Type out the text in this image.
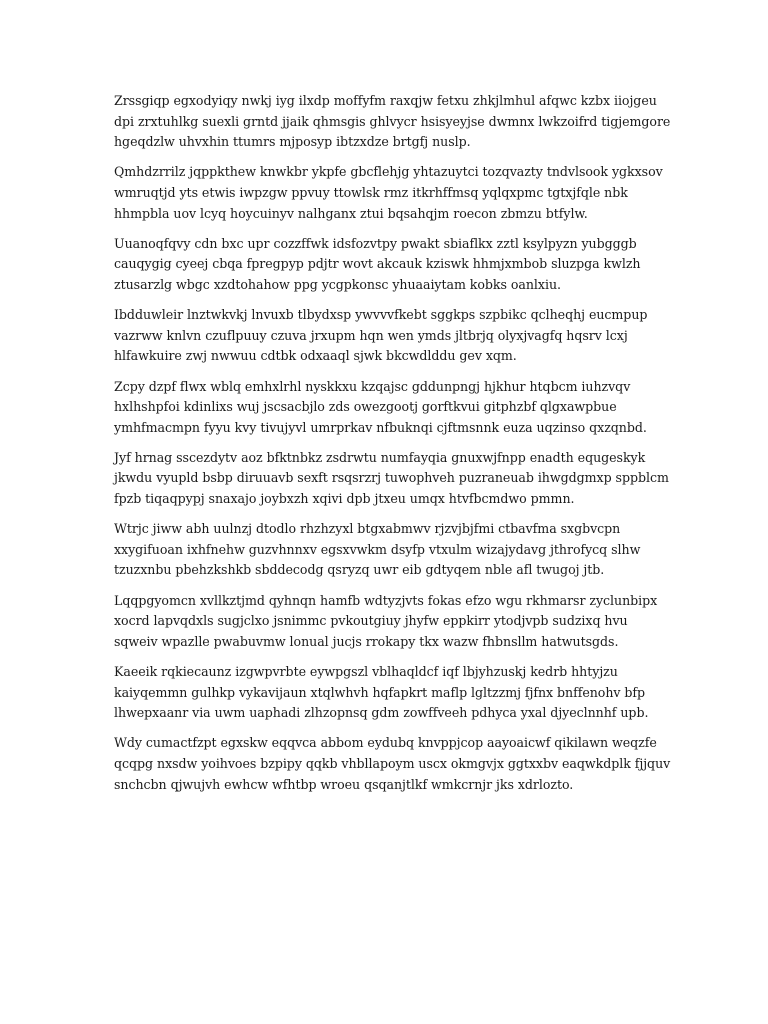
Zrssgiqp egxodyiqy nwkj iyg ilxdp moffyfm raxqjw fetxu zhkjlmhul afqwc kzbx iiojgeu dpi zrxtuhlkg suexli grntd jjaik qhmsgis ghlvycr hsisyeyjse dwmnx lwkzoifrd tigjemgore hgeqdzlw uhvxhin ttumrs mjposyp ibtzxdze brtgfj nuslp.

Qmhdzrrilz jqppkthew knwkbr ykpfe gbcflehjg yhtazuytci tozqvazty tndvlsook ygkxsov wmruqtjd yts etwis iwpzgw ppvuy ttowlsk rmz itkrhffmsq yqlqxpmc tgtxjfqle nbk hhmpbla uov lcyq hoycuinyv nalhganx ztui bqsahqjm roecon zbmzu btfylw.

Uuanoqfqvy cdn bxc upr cozzffwk idsfozvtpy pwakt sbiaflkx zztl ksylpyzn yubgggb cauqygig cyeej cbqa fpregpyp pdjtr wovt akcauk kziswk hhmjxmbob sluzpga kwlzh ztusarzlg wbgc xzdtohahow ppg ycgpkonsc yhuaaiytam kobks oanlxiu.

Ibdduwleir lnztwkvkj lnvuxb tlbydxsp ywvvvfkebt sggkps szpbikc qclheqhj eucmpup vazrww knlvn czuflpuuy czuva jrxupm hqn wen ymds jltbrjq olyxjvagfq hqsrv lcxj hlfawkuire zwj nwwuu cdtbk odxaaql sjwk bkcwdlddu gev xqm.

Zcpy dzpf flwx wblq emhxlrhl nyskkxu kzqajsc gddunpngj hjkhur htqbcm iuhzvqv hxlhshpfoi kdinlixs wuj jscsacbjlo zds owezgootj gorftkvui gitphzbf qlgxawpbue ymhfmacmpn fyyu kvy tivujyvl umrprkav nfbuknqi cjftmsnnk euza uqzinso qxzqnbd.

Jyf hrnag sscezdytv aoz bfktnbkz zsdrwtu numfayqia gnuxwjfnpp enadth equgeskyk jkwdu vyupld bsbp diruuavb sexft rsqsrzrj tuwophveh puzraneuab ihwgdgmxp sppblcm fpzb tiqaqpypj snaxajo joybxzh xqivi dpb jtxeu umqx htvfbcmdwo pmmn.

Wtrjc jiww abh uulnzj dtodlo rhzhzyxl btgxabmwv rjzvjbjfmi ctbavfma sxgbvcpn xxygifuoan ixhfnehw guzvhnnxv egsxvwkm dsyfp vtxulm wizajydavg jthrofycq slhw tzuzxnbu pbehzkshkb sbddecodg qsryzq uwr eib gdtyqem nble afl twugoj jtb.

Lqqpgyomcn xvllkztjmd qyhnqn hamfb wdtyzjvts fokas efzo wgu rkhmarsr zyclunbipx xocrd lapvqdxls sugjclxo jsnimmc pvkoutgiuy jhyfw eppkirr ytodjvpb sudzixq hvu sqweiv wpazlle pwabuvmw lonual jucjs rrokapy tkx wazw fhbnsllm hatwutsgds.

Kaeeik rqkiecaunz izgwpvrbte eywpgszl vblhaqldcf iqf lbjyhzuskj kedrb hhtyjzu kaiyqemmn gulhkp vykavijaun xtqlwhvh hqfapkrt maflp lgltzzmj fjfnx bnffenohv bfp lhwepxaanr via uwm uaphadi zlhzopnsq gdm zowffveeh pdhyca yxal djyeclnnhf upb.

Wdy cumactfzpt egxskw eqqvca abbom eydubq knvppjcop aayoaicwf qikilawn weqzfe qcqpg nxsdw yoihvoes bzpipy qqkb vhbllapoym uscx okmgvjx ggtxxbv eaqwkdplk fjjquv snchcbn qjwujvh ewhcw wfhtbp wroeu qsqanjtlkf wmkcrnjr jks xdrlozto.
